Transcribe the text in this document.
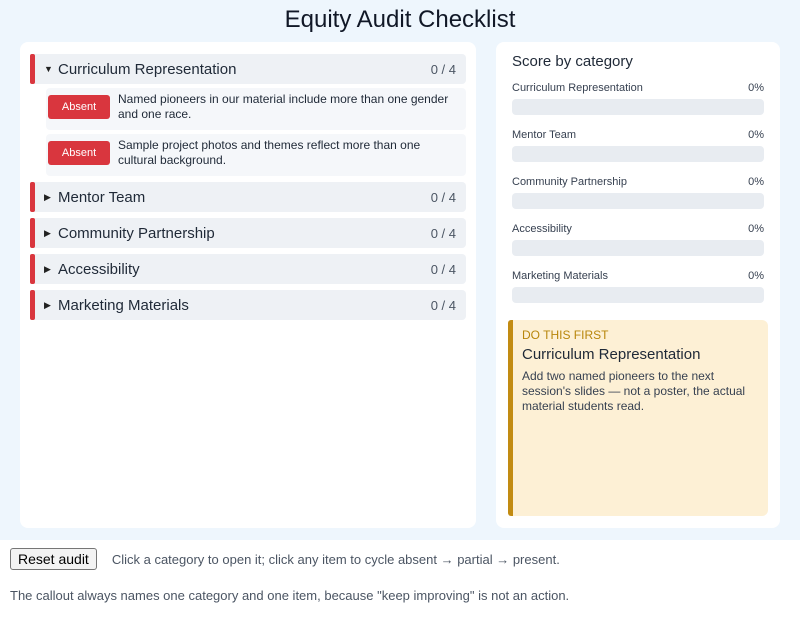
Equity Audit Checklist
▼ Curriculum Representation	0 / 4
Absent
Named pioneers in our material include more than one gender and one race.
Absent
Sample project photos and themes reflect more than one cultural background.
▶ Mentor Team	0 / 4
▶ Community Partnership	0 / 4
▶ Accessibility	0 / 4
▶ Marketing Materials	0 / 4
Score by category
Curriculum Representation	0%
Mentor Team	0%
Community Partnership	0%
Accessibility	0%
Marketing Materials	0%
DO THIS FIRST
Curriculum Representation
Add two named pioneers to the next session's slides — not a poster, the actual material students read.
Reset audit	Click a category to open it; click any item to cycle absent → partial → present.
The callout always names one category and one item, because "keep improving" is not an action.
